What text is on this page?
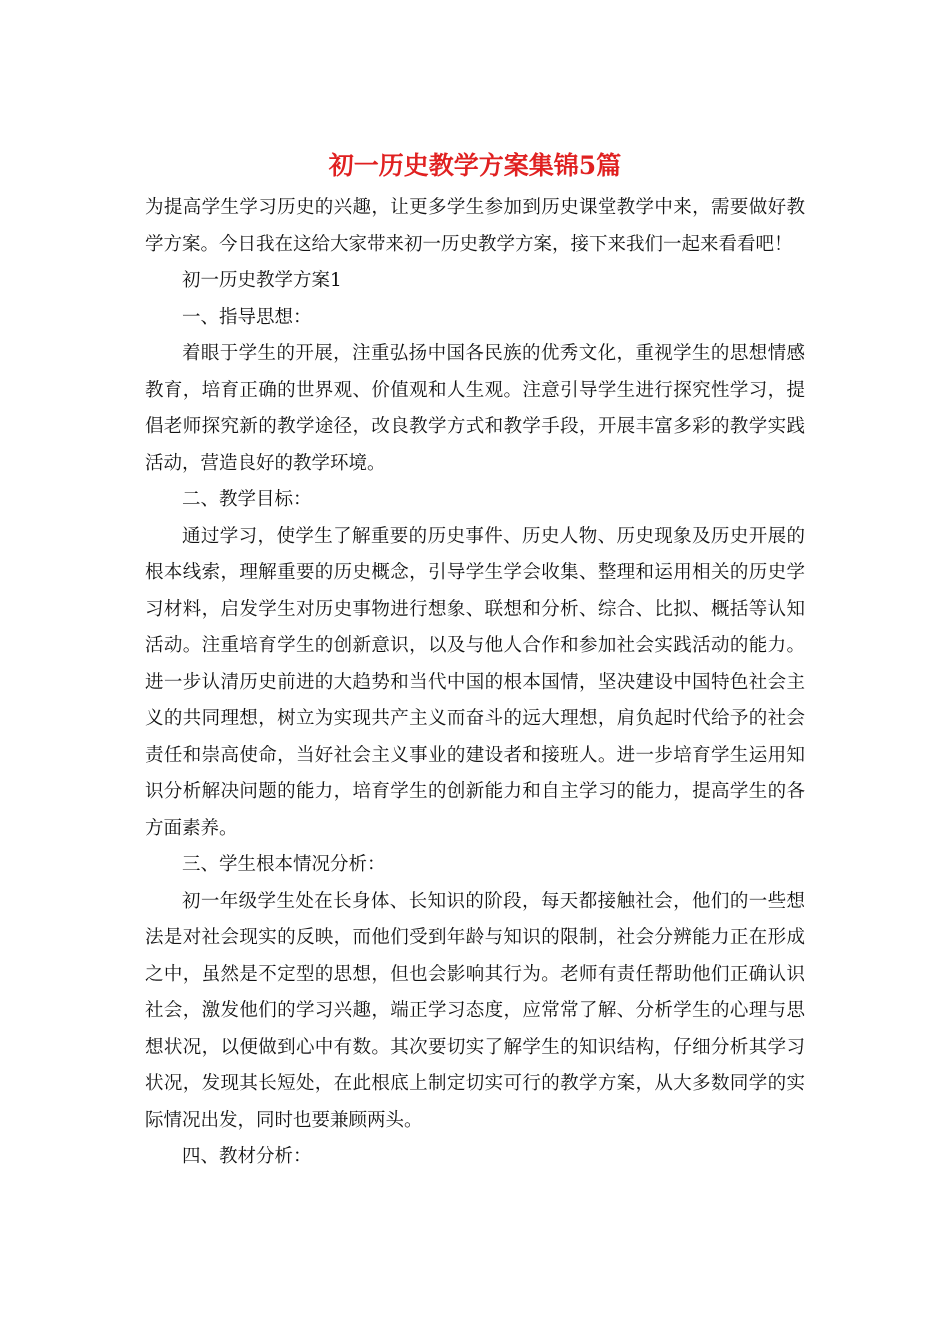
初一历史教学方案集锦5篇

为提高学生学习历史的兴趣，让更多学生参加到历史课堂教学中来，需要做好教学方案。今日我在这给大家带来初一历史教学方案，接下来我们一起来看看吧！

初一历史教学方案1

一、指导思想：

着眼于学生的开展，注重弘扬中国各民族的优秀文化，重视学生的思想情感教育，培育正确的世界观、价值观和人生观。注意引导学生进行探究性学习，提倡老师探究新的教学途径，改良教学方式和教学手段，开展丰富多彩的教学实践活动，营造良好的教学环境。

二、教学目标：

通过学习，使学生了解重要的历史事件、历史人物、历史现象及历史开展的根本线索，理解重要的历史概念，引导学生学会收集、整理和运用相关的历史学习材料，启发学生对历史事物进行想象、联想和分析、综合、比拟、概括等认知活动。注重培育学生的创新意识，以及与他人合作和参加社会实践活动的能力。进一步认清历史前进的大趋势和当代中国的根本国情，坚决建设中国特色社会主义的共同理想，树立为实现共产主义而奋斗的远大理想，肩负起时代给予的社会责任和崇高使命，当好社会主义事业的建设者和接班人。进一步培育学生运用知识分析解决问题的能力，培育学生的创新能力和自主学习的能力，提高学生的各方面素养。

三、学生根本情况分析：

初一年级学生处在长身体、长知识的阶段，每天都接触社会，他们的一些想法是对社会现实的反映，而他们受到年龄与知识的限制，社会分辨能力正在形成之中，虽然是不定型的思想，但也会影响其行为。老师有责任帮助他们正确认识社会，激发他们的学习兴趣，端正学习态度，应常常了解、分析学生的心理与思想状况，以便做到心中有数。其次要切实了解学生的知识结构，仔细分析其学习状况，发现其长短处，在此根底上制定切实可行的教学方案，从大多数同学的实际情况出发，同时也要兼顾两头。

四、教材分析：
